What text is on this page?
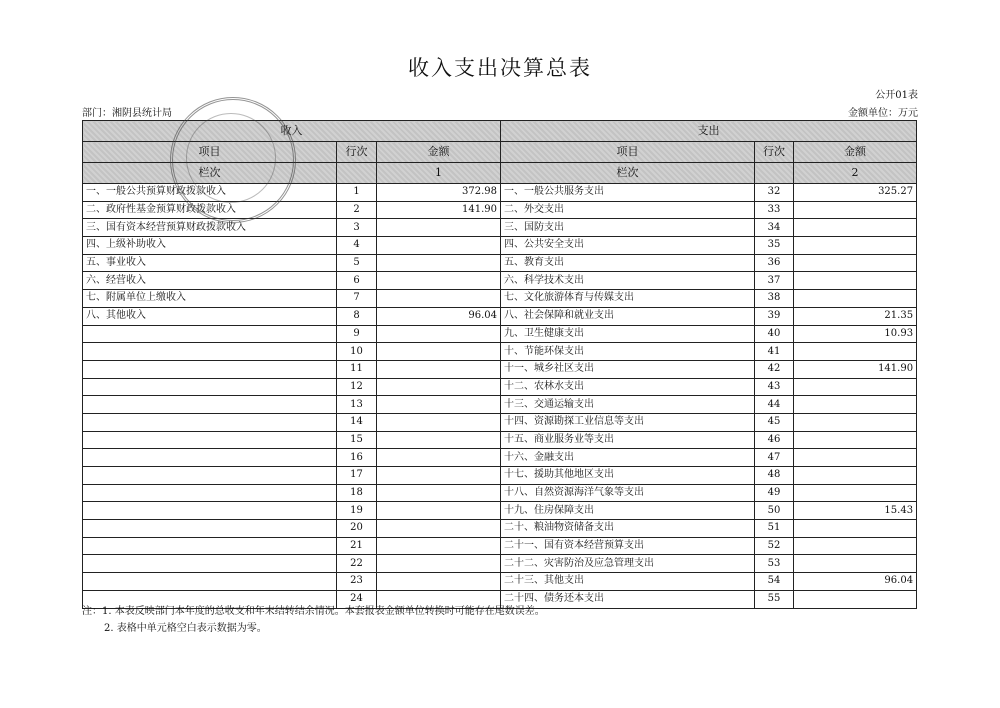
收入支出决算总表
公开01表
部门：湘阴县统计局	金额单位：万元
收入			支出		
项目	行次	金额	项目	行次	金额
栏次		1	栏次		2
一、一般公共预算财政拨款收入	1	372.98	一、一般公共服务支出	32	325.27
二、政府性基金预算财政拨款收入	2	141.90	二、外交支出	33	
三、国有资本经营预算财政拨款收入	3		三、国防支出	34	
四、上级补助收入	4		四、公共安全支出	35	
五、事业收入	5		五、教育支出	36	
六、经营收入	6		六、科学技术支出	37	
七、附属单位上缴收入	7		七、文化旅游体育与传媒支出	38	
八、其他收入	8	96.04	八、社会保障和就业支出	39	21.35
	9		九、卫生健康支出	40	10.93
	10		十、节能环保支出	41	
	11		十一、城乡社区支出	42	141.90
	12		十二、农林水支出	43	
	13		十三、交通运输支出	44	
	14		十四、资源勘探工业信息等支出	45	
	15		十五、商业服务业等支出	46	
	16		十六、金融支出	47	
	17		十七、援助其他地区支出	48	
	18		十八、自然资源海洋气象等支出	49	
	19		十九、住房保障支出	50	15.43
	20		二十、粮油物资储备支出	51	
	21		二十一、国有资本经营预算支出	52	
	22		二十二、灾害防治及应急管理支出	53	
	23		二十三、其他支出	54	96.04
	24		二十四、债务还本支出	55	
注：1. 本表反映部门本年度的总收支和年末结转结余情况。本套报表金额单位转换时可能存在尾数误差。
2. 表格中单元格空白表示数据为零。
